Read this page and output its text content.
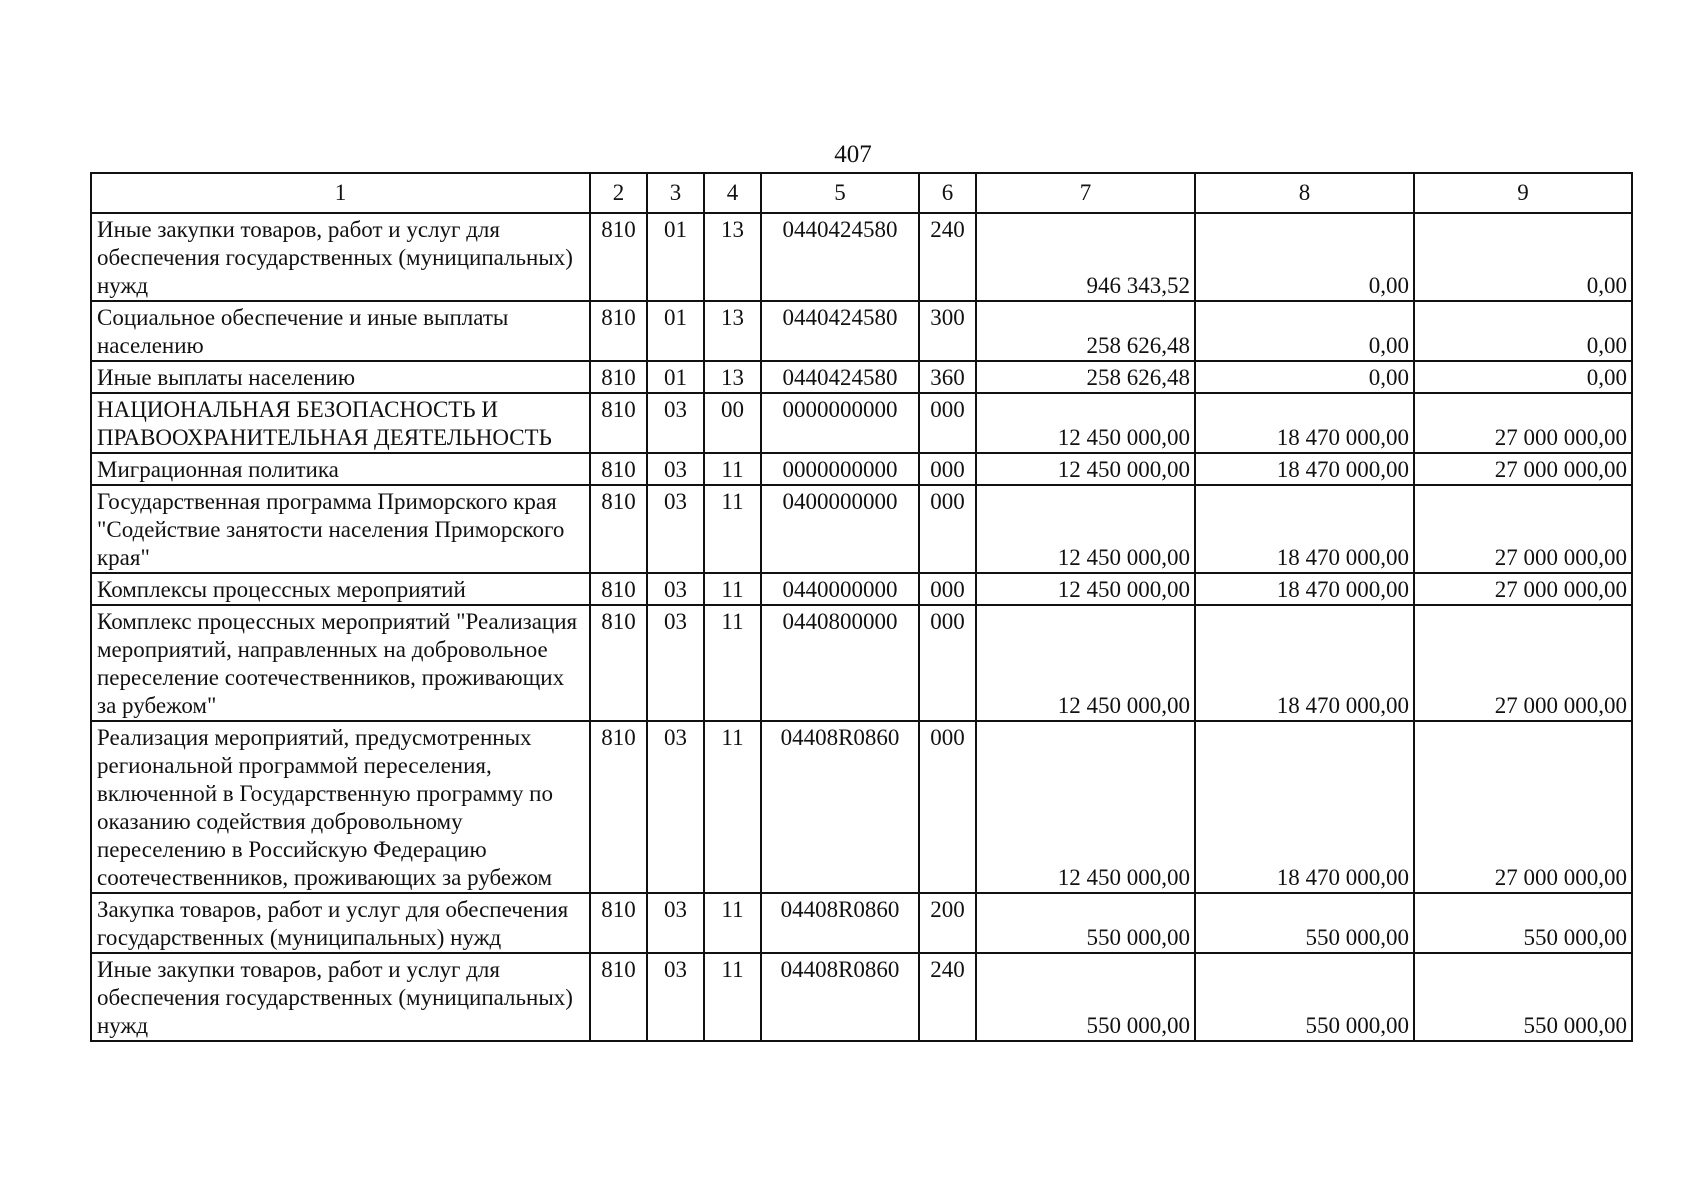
407
1	2	3	4	5	6	7	8	9
Иные закупки товаров, работ и услуг для обеспечения государственных (муниципальных) нужд	810	01	13	0440424580	240	946 343,52	0,00	0,00
Социальное обеспечение и иные выплаты населению	810	01	13	0440424580	300	258 626,48	0,00	0,00
Иные выплаты населению	810	01	13	0440424580	360	258 626,48	0,00	0,00
НАЦИОНАЛЬНАЯ БЕЗОПАСНОСТЬ И ПРАВООХРАНИТЕЛЬНАЯ ДЕЯТЕЛЬНОСТЬ	810	03	00	0000000000	000	12 450 000,00	18 470 000,00	27 000 000,00
Миграционная политика	810	03	11	0000000000	000	12 450 000,00	18 470 000,00	27 000 000,00
Государственная программа Приморского края "Содействие занятости населения Приморского края"	810	03	11	0400000000	000	12 450 000,00	18 470 000,00	27 000 000,00
Комплексы процессных мероприятий	810	03	11	0440000000	000	12 450 000,00	18 470 000,00	27 000 000,00
Комплекс процессных мероприятий "Реализация мероприятий, направленных на добровольное переселение соотечественников, проживающих за рубежом"	810	03	11	0440800000	000	12 450 000,00	18 470 000,00	27 000 000,00
Реализация мероприятий, предусмотренных региональной программой переселения, включенной в Государственную программу по оказанию содействия добровольному переселению в Российскую Федерацию соотечественников, проживающих за рубежом	810	03	11	04408R0860	000	12 450 000,00	18 470 000,00	27 000 000,00
Закупка товаров, работ и услуг для обеспечения государственных (муниципальных) нужд	810	03	11	04408R0860	200	550 000,00	550 000,00	550 000,00
Иные закупки товаров, работ и услуг для обеспечения государственных (муниципальных) нужд	810	03	11	04408R0860	240	550 000,00	550 000,00	550 000,00
